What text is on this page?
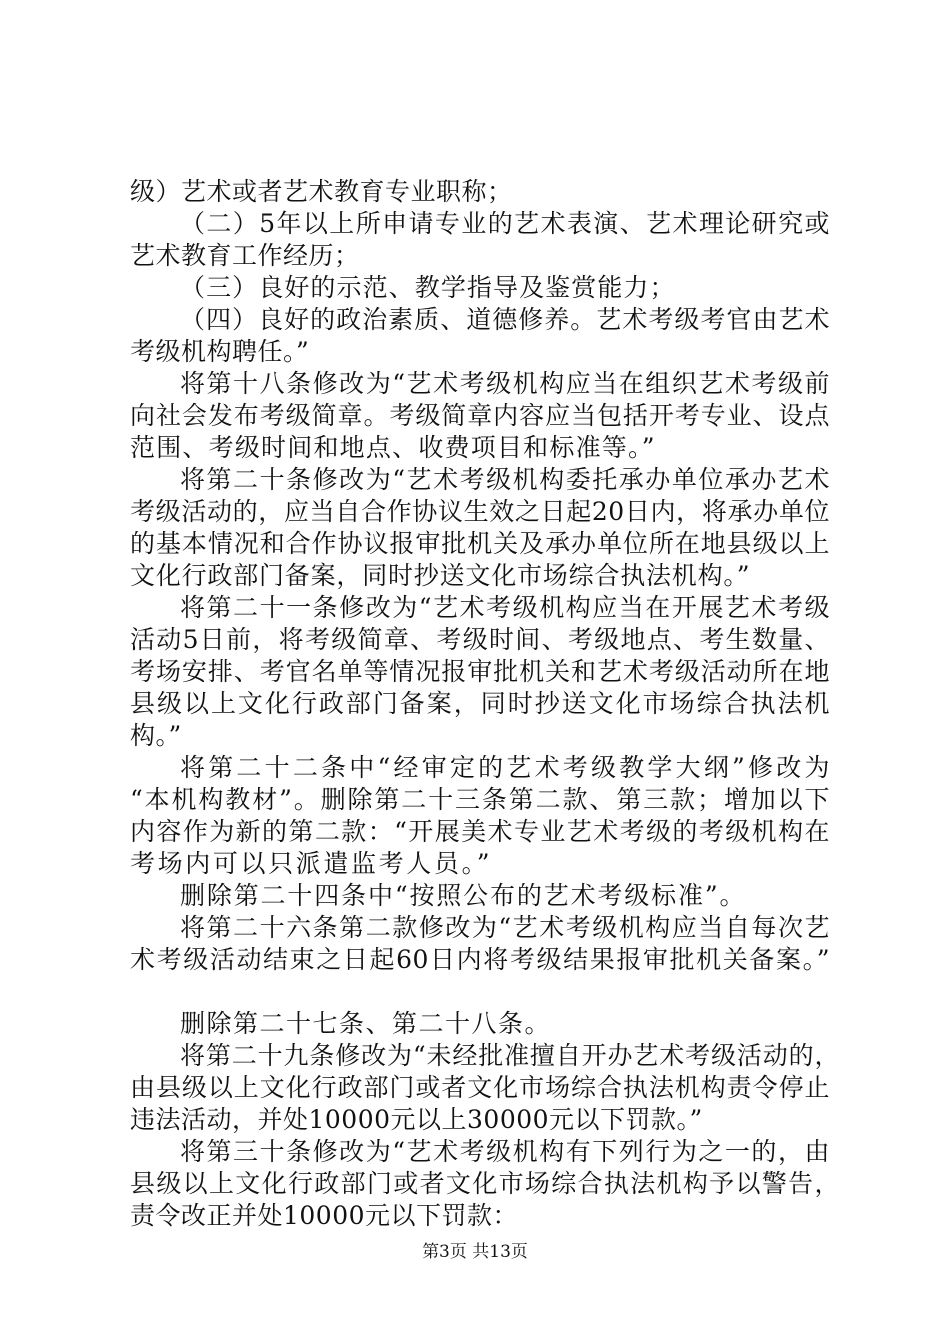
级）艺术或者艺术教育专业职称；
（二）5年以上所申请专业的艺术表演、艺术理论研究或
艺术教育工作经历；
（三）良好的示范、教学指导及鉴赏能力；
（四）良好的政治素质、道德修养。艺术考级考官由艺术
考级机构聘任。”
将第十八条修改为“艺术考级机构应当在组织艺术考级前
向社会发布考级简章。考级简章内容应当包括开考专业、设点
范围、考级时间和地点、收费项目和标准等。”
将第二十条修改为“艺术考级机构委托承办单位承办艺术
考级活动的，应当自合作协议生效之日起20日内，将承办单位
的基本情况和合作协议报审批机关及承办单位所在地县级以上
文化行政部门备案，同时抄送文化市场综合执法机构。”
将第二十一条修改为“艺术考级机构应当在开展艺术考级
活动5日前，将考级简章、考级时间、考级地点、考生数量、
考场安排、考官名单等情况报审批机关和艺术考级活动所在地
县级以上文化行政部门备案，同时抄送文化市场综合执法机
构。”
将第二十二条中“经审定的艺术考级教学大纲”修改为
“本机构教材”。删除第二十三条第二款、第三款；增加以下
内容作为新的第二款：“开展美术专业艺术考级的考级机构在
考场内可以只派遣监考人员。”
删除第二十四条中“按照公布的艺术考级标准”。
将第二十六条第二款修改为“艺术考级机构应当自每次艺
术考级活动结束之日起60日内将考级结果报审批机关备案。”
删除第二十七条、第二十八条。
将第二十九条修改为“未经批准擅自开办艺术考级活动的，
由县级以上文化行政部门或者文化市场综合执法机构责令停止
违法活动，并处10000元以上30000元以下罚款。”
将第三十条修改为“艺术考级机构有下列行为之一的，由
县级以上文化行政部门或者文化市场综合执法机构予以警告，
责令改正并处10000元以下罚款：
第3页 共13页
